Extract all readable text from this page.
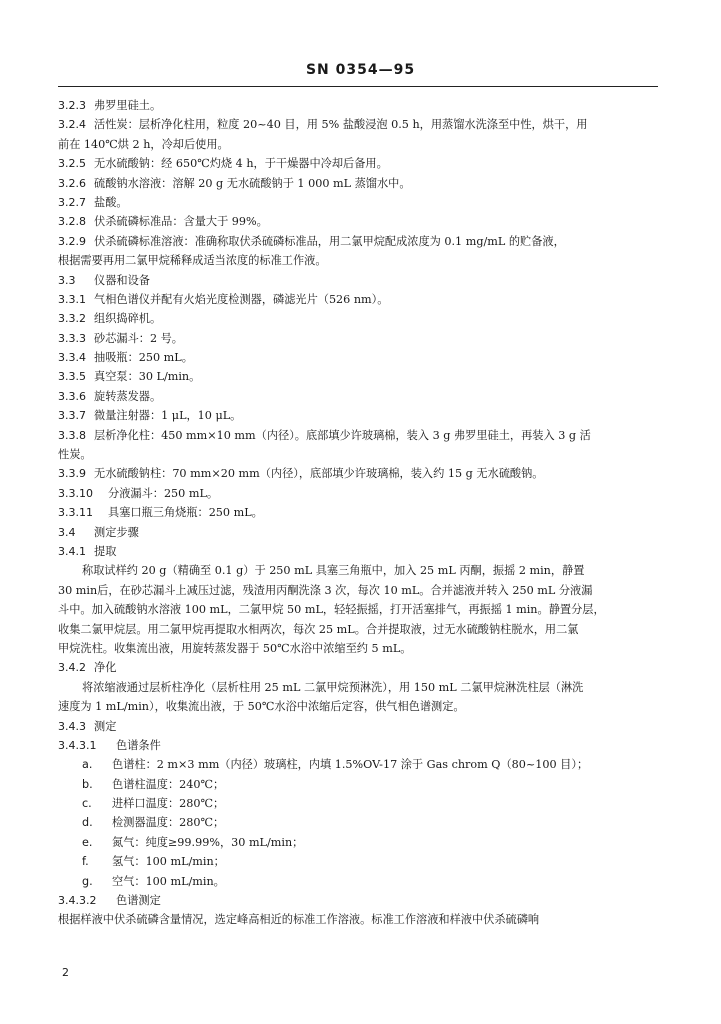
SN 0354—95
3.2.3 弗罗里硅土。
3.2.4 活性炭：层析净化柱用，粒度 20~40 目，用 5% 盐酸浸泡 0.5 h，用蒸馏水洗涤至中性，烘干，用
前在 140℃烘 2 h，冷却后使用。
3.2.5 无水硫酸钠：经 650℃灼烧 4 h，于干燥器中冷却后备用。
3.2.6 硫酸钠水溶液：溶解 20 g 无水硫酸钠于 1 000 mL 蒸馏水中。
3.2.7 盐酸。
3.2.8 伏杀硫磷标准品：含量大于 99%。
3.2.9 伏杀硫磷标准溶液：准确称取伏杀硫磷标准品，用二氯甲烷配成浓度为 0.1 mg/mL 的贮备液，
根据需要再用二氯甲烷稀释成适当浓度的标准工作液。
3.3 仪器和设备
3.3.1 气相色谱仪并配有火焰光度检测器，磷滤光片（526 nm）。
3.3.2 组织捣碎机。
3.3.3 砂芯漏斗：2 号。
3.3.4 抽吸瓶：250 mL。
3.3.5 真空泵：30 L/min。
3.3.6 旋转蒸发器。
3.3.7 微量注射器：1 μL，10 μL。
3.3.8 层析净化柱：450 mm×10 mm（内径）。底部填少许玻璃棉，装入 3 g 弗罗里硅土，再装入 3 g 活
性炭。
3.3.9 无水硫酸钠柱：70 mm×20 mm（内径），底部填少许玻璃棉，装入约 15 g 无水硫酸钠。
3.3.10 分液漏斗：250 mL。
3.3.11 具塞口瓶三角烧瓶：250 mL。
3.4 测定步骤
3.4.1 提取
称取试样约 20 g（精确至 0.1 g）于 250 mL 具塞三角瓶中，加入 25 mL 丙酮，振摇 2 min，静置
30 min后，在砂芯漏斗上减压过滤，残渣用丙酮洗涤 3 次，每次 10 mL。合并滤液并转入 250 mL 分液漏
斗中。加入硫酸钠水溶液 100 mL，二氯甲烷 50 mL，轻轻振摇，打开活塞排气，再振摇 1 min。静置分层，
收集二氯甲烷层。用二氯甲烷再提取水相两次，每次 25 mL。合并提取液，过无水硫酸钠柱脱水，用二氯
甲烷洗柱。收集流出液，用旋转蒸发器于 50℃水浴中浓缩至约 5 mL。
3.4.2 净化
将浓缩液通过层析柱净化（层析柱用 25 mL 二氯甲烷预淋洗），用 150 mL 二氯甲烷淋洗柱层（淋洗
速度为 1 mL/min），收集流出液，于 50℃水浴中浓缩后定容，供气相色谱测定。
3.4.3 测定
3.4.3.1 色谱条件
a. 色谱柱：2 m×3 mm（内径）玻璃柱，内填 1.5%OV-17 涂于 Gas chrom Q（80~100 目）；
b. 色谱柱温度：240℃；
c. 进样口温度：280℃；
d. 检测器温度：280℃；
e. 氮气：纯度≥99.99%，30 mL/min；
f. 氢气：100 mL/min；
g. 空气：100 mL/min。
3.4.3.2 色谱测定
根据样液中伏杀硫磷含量情况，选定峰高相近的标准工作溶液。标准工作溶液和样液中伏杀硫磷响
2
